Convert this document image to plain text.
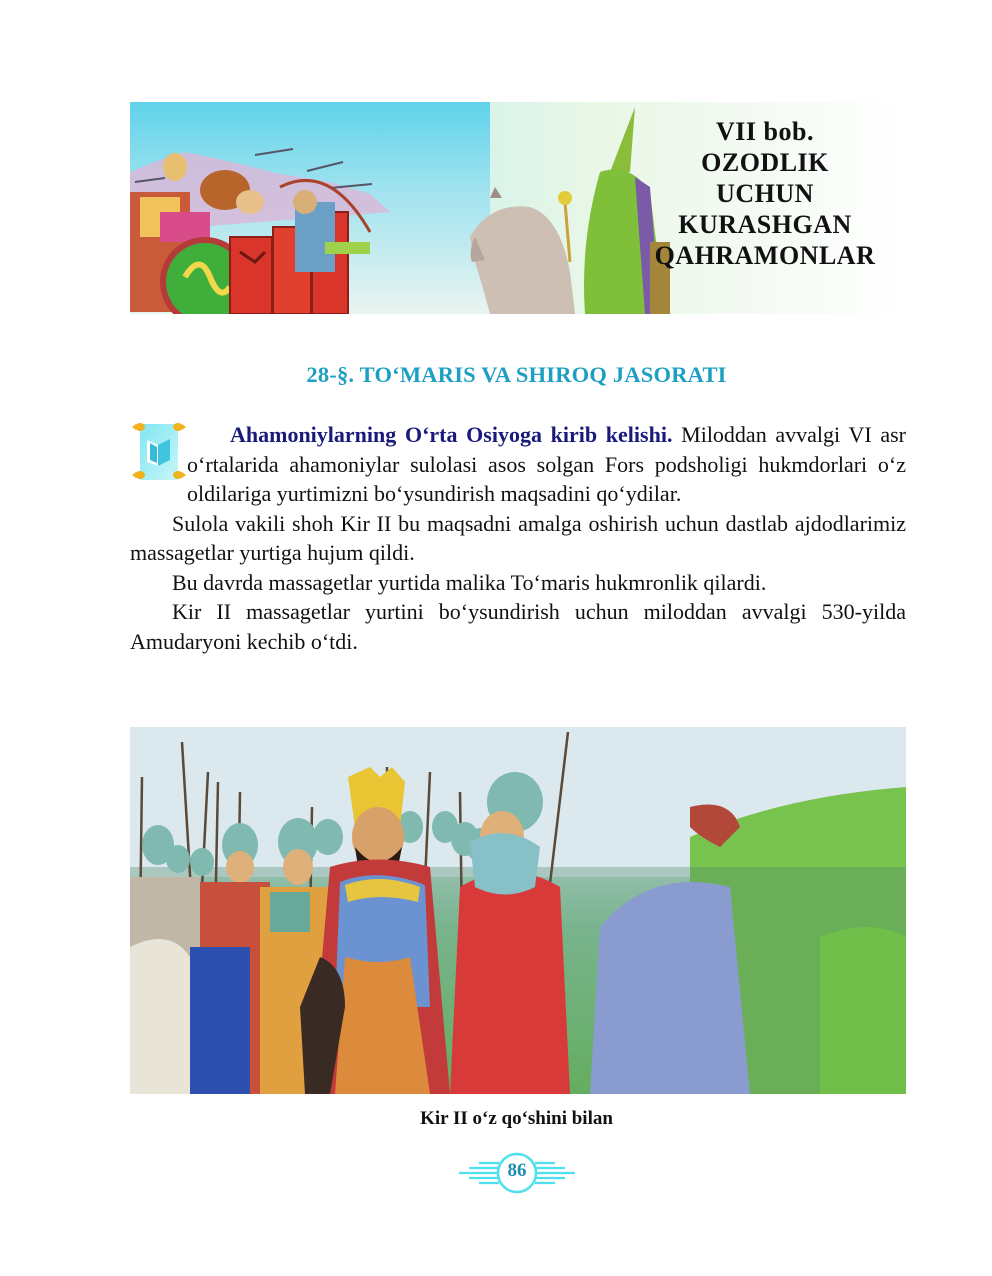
VII bob.
OZODLIK
UCHUN
KURASHGAN
QAHRAMONLAR
28-§. TO‘MARIS VA SHIROQ JASORATI

Ahamoniylarning O‘rta Osiyoga kirib kelishi. Miloddan avvalgi VI asr o‘rtalarida ahamoniylar sulolasi asos solgan Fors podsholigi hukmdorlari o‘z oldilariga yurtimizni bo‘ysundirish maqsadini qo‘ydilar.

Sulola vakili shoh Kir II bu maqsadni amalga oshirish uchun dastlab ajdodlarimiz massagetlar yurtiga hujum qildi.

Bu davrda massagetlar yurtida malika To‘maris hukmronlik qilardi.

Kir II massagetlar yurtini bo‘ysundirish uchun miloddan avvalgi 530-yilda Amudaryoni kechib o‘tdi.

Kir II o‘z qo‘shini bilan
86
